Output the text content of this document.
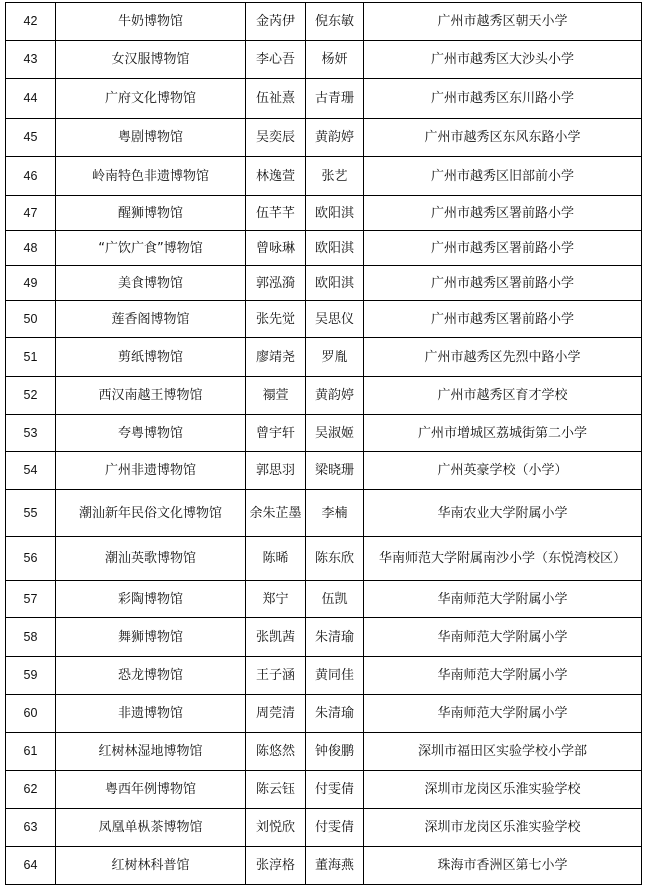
42	牛奶博物馆	金芮伊	倪东敏	广州市越秀区朝天小学
43	女汉服博物馆	李心吾	杨妍	广州市越秀区大沙头小学
44	广府文化博物馆	伍祉熹	古青珊	广州市越秀区东川路小学
45	粤剧博物馆	吴奕辰	黄韵婷	广州市越秀区东风东路小学
46	岭南特色非遗博物馆	林逸萱	张艺	广州市越秀区旧部前小学
47	醒狮博物馆	伍芊芊	欧阳淇	广州市越秀区署前路小学
48	“广饮广食”博物馆	曾咏琳	欧阳淇	广州市越秀区署前路小学
49	美食博物馆	郭泓漪	欧阳淇	广州市越秀区署前路小学
50	莲香阁博物馆	张先觉	吴思仪	广州市越秀区署前路小学
51	剪纸博物馆	廖靖尧	罗胤	广州市越秀区先烈中路小学
52	西汉南越王博物馆	禤萱	黄韵婷	广州市越秀区育才学校
53	夸粤博物馆	曾宇轩	吴淑姬	广州市增城区荔城街第二小学
54	广州非遗博物馆	郭思羽	梁晓珊	广州英豪学校（小学）
55	潮汕新年民俗文化博物馆	余朱芷墨	李楠	华南农业大学附属小学
56	潮汕英歌博物馆	陈晞	陈东欣	华南师范大学附属南沙小学（东悦湾校区）
57	彩陶博物馆	郑宁	伍凯	华南师范大学附属小学
58	舞狮博物馆	张凯茜	朱清瑜	华南师范大学附属小学
59	恐龙博物馆	王子涵	黄同佳	华南师范大学附属小学
60	非遗博物馆	周莞清	朱清瑜	华南师范大学附属小学
61	红树林湿地博物馆	陈悠然	钟俊鹏	深圳市福田区实验学校小学部
62	粤西年例博物馆	陈云钰	付雯倩	深圳市龙岗区乐淮实验学校
63	凤凰单枞茶博物馆	刘悦欣	付雯倩	深圳市龙岗区乐淮实验学校
64	红树林科普馆	张淳格	董海燕	珠海市香洲区第七小学
